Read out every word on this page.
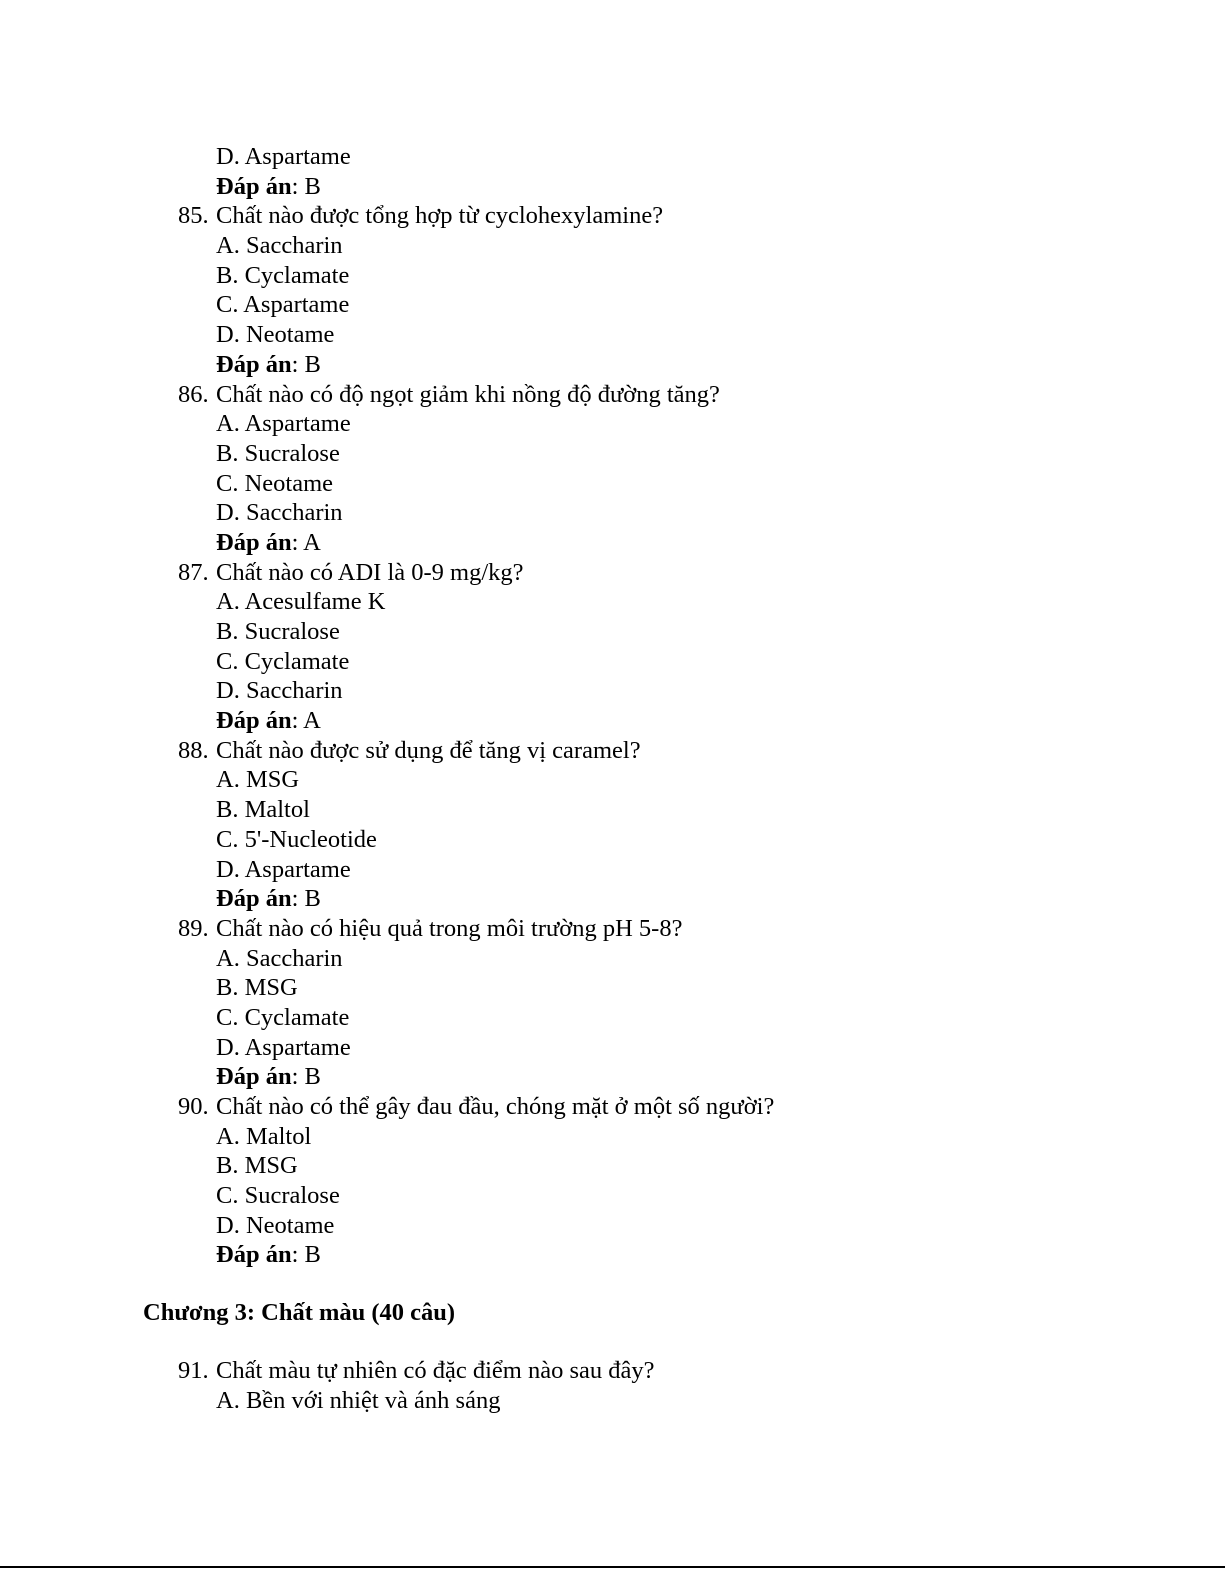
D. Aspartame
Đáp án: B
85. Chất nào được tổng hợp từ cyclohexylamine?
A. Saccharin
B. Cyclamate
C. Aspartame
D. Neotame
Đáp án: B
86. Chất nào có độ ngọt giảm khi nồng độ đường tăng?
A. Aspartame
B. Sucralose
C. Neotame
D. Saccharin
Đáp án: A
87. Chất nào có ADI là 0-9 mg/kg?
A. Acesulfame K
B. Sucralose
C. Cyclamate
D. Saccharin
Đáp án: A
88. Chất nào được sử dụng để tăng vị caramel?
A. MSG
B. Maltol
C. 5'-Nucleotide
D. Aspartame
Đáp án: B
89. Chất nào có hiệu quả trong môi trường pH 5-8?
A. Saccharin
B. MSG
C. Cyclamate
D. Aspartame
Đáp án: B
90. Chất nào có thể gây đau đầu, chóng mặt ở một số người?
A. Maltol
B. MSG
C. Sucralose
D. Neotame
Đáp án: B
Chương 3: Chất màu (40 câu)
91. Chất màu tự nhiên có đặc điểm nào sau đây?
A. Bền với nhiệt và ánh sáng
